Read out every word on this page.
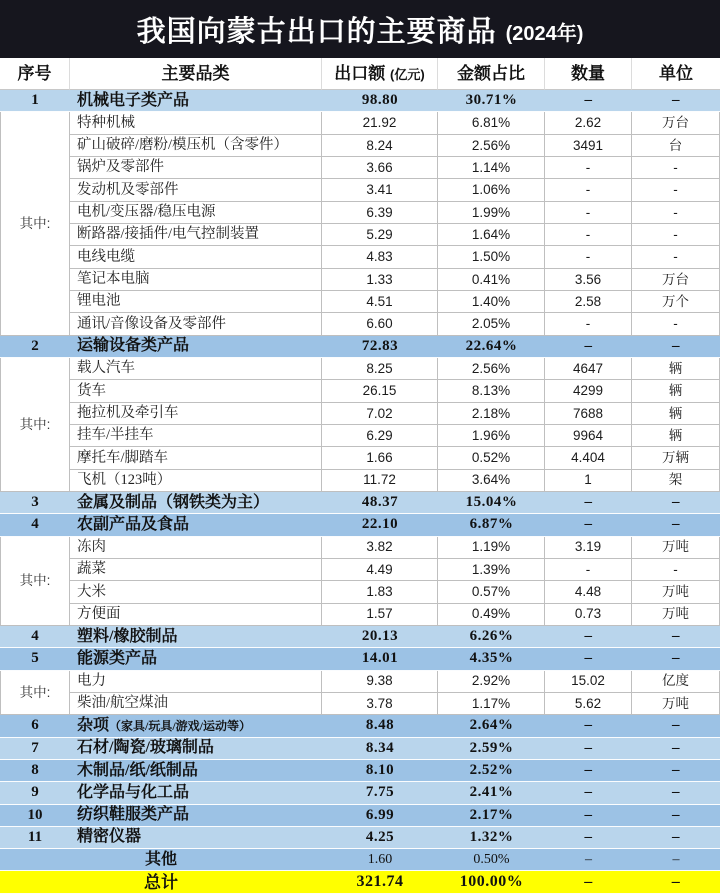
我国向蒙古出口的主要商品 (2024年)
序号	主要品类	出口额 (亿元)	金额占比	数量	单位
1	机械电子类产品	98.80	30.71%	–	–
其中:	特种机械	21.92	6.81%	2.62	万台
	矿山破碎/磨粉/模压机（含零件）	8.24	2.56%	3491	台
	锅炉及零部件	3.66	1.14%	-	-
	发动机及零部件	3.41	1.06%	-	-
	电机/变压器/稳压电源	6.39	1.99%	-	-
	断路器/接插件/电气控制装置	5.29	1.64%	-	-
	电线电缆	4.83	1.50%	-	-
	笔记本电脑	1.33	0.41%	3.56	万台
	锂电池	4.51	1.40%	2.58	万个
	通讯/音像设备及零部件	6.60	2.05%	-	-
2	运输设备类产品	72.83	22.64%	–	–
其中:	载人汽车	8.25	2.56%	4647	辆
	货车	26.15	8.13%	4299	辆
	拖拉机及牵引车	7.02	2.18%	7688	辆
	挂车/半挂车	6.29	1.96%	9964	辆
	摩托车/脚踏车	1.66	0.52%	4.404	万辆
	飞机（123吨）	11.72	3.64%	1	架
3	金属及制品（钢铁类为主）	48.37	15.04%	–	–
4	农副产品及食品	22.10	6.87%	–	–
其中:	冻肉	3.82	1.19%	3.19	万吨
	蔬菜	4.49	1.39%	-	-
	大米	1.83	0.57%	4.48	万吨
	方便面	1.57	0.49%	0.73	万吨
4	塑料/橡胶制品	20.13	6.26%	–	–
5	能源类产品	14.01	4.35%	–	–
其中:	电力	9.38	2.92%	15.02	亿度
	柴油/航空煤油	3.78	1.17%	5.62	万吨
6	杂项（家具/玩具/游戏/运动等）	8.48	2.64%	–	–
7	石材/陶瓷/玻璃制品	8.34	2.59%	–	–
8	木制品/纸/纸制品	8.10	2.52%	–	–
9	化学品与化工品	7.75	2.41%	–	–
10	纺织鞋服类产品	6.99	2.17%	–	–
11	精密仪器	4.25	1.32%	–	–
其他		1.60	0.50%	–	–
总计		321.74	100.00%	–	–
